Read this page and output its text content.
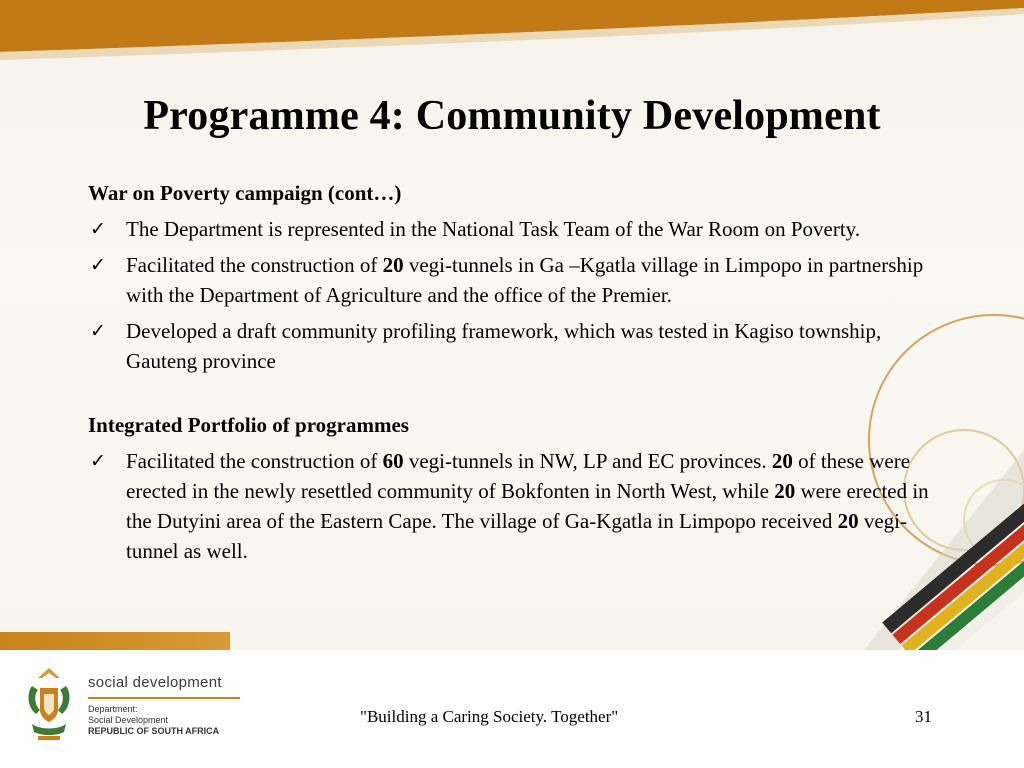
Programme 4: Community Development
War on Poverty campaign (cont…)
✓ The Department is represented in the National Task Team of the War Room on Poverty.
✓ Facilitated the construction of 20 vegi-tunnels in Ga –Kgatla village in Limpopo in partnership with the Department of Agriculture and the office of the Premier.
✓ Developed a draft community profiling framework, which was tested in Kagiso township, Gauteng province
Integrated Portfolio of programmes
✓ Facilitated the construction of 60 vegi-tunnels in NW, LP and EC provinces. 20 of these were erected in the newly resettled community of Bokfonten in North West, while 20 were erected in the Dutyini area of the Eastern Cape. The village of Ga-Kgatla in Limpopo received 20 vegi-tunnel as well.
social development
Department:
Social Development
REPUBLIC OF SOUTH AFRICA
"Building a Caring Society. Together"	31
